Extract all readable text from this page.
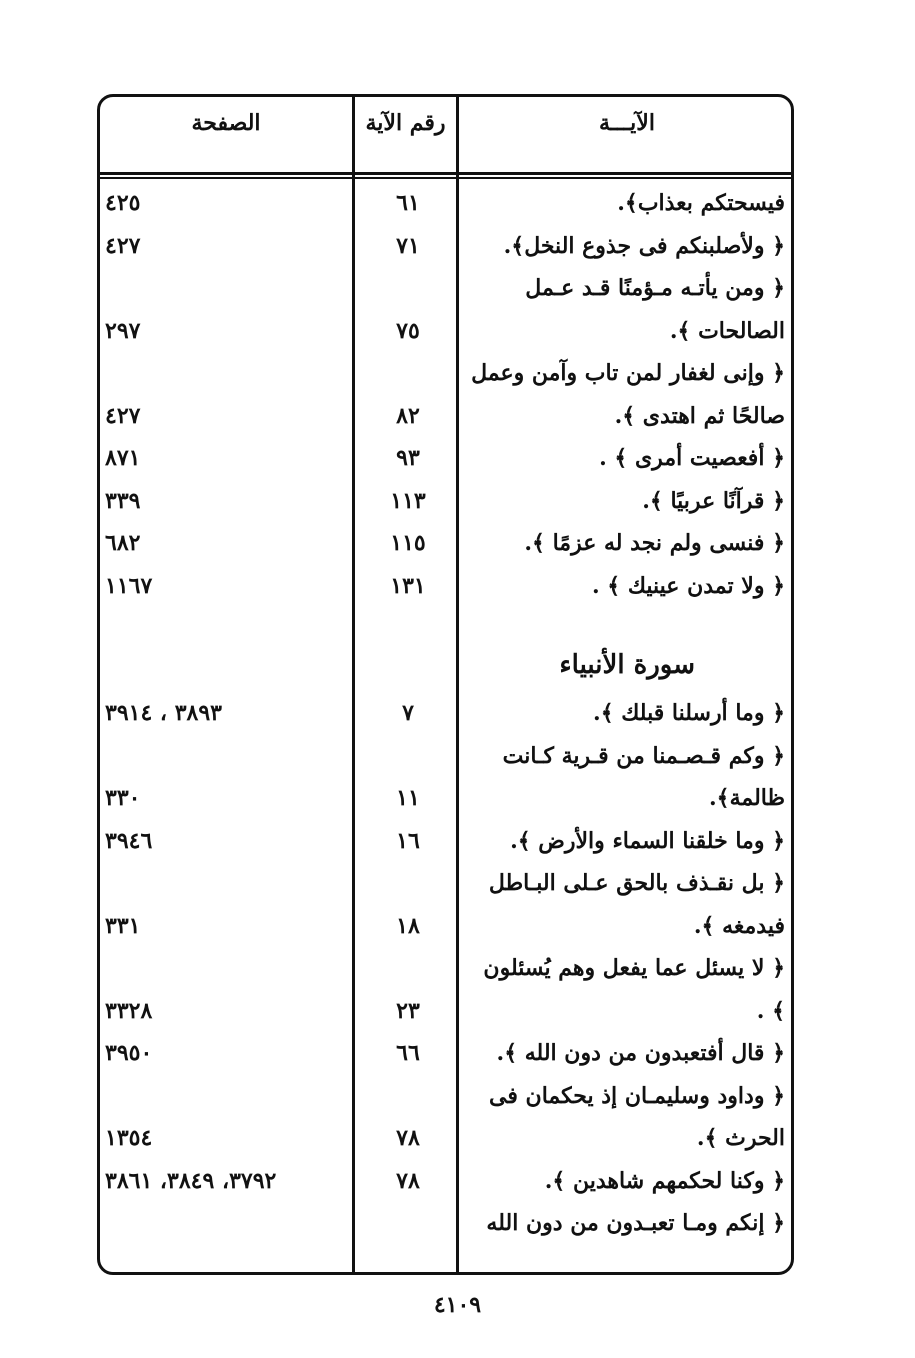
الآيـــة
رقم الآية
الصفحة
فيسحتكم بعذاب﴾.
٦١
٤٢٥
﴿ ولأصلبنكم فى جذوع النخل﴾.
٧١
٤٢٧
﴿ ومن يأتـه مـؤمنًا قـد عـمل
الصالحات ﴾.
٧٥
٢٩٧
﴿ وإنى لغفار لمن تاب وآمن وعمل
صالحًا ثم اهتدى ﴾.
٨٢
٤٢٧
﴿ أفعصيت أمرى ﴾ .
٩٣
٨٧١
﴿ قرآنًا عربيًا ﴾.
١١٣
٣٣٩
﴿ فنسى ولم نجد له عزمًا ﴾.
١١٥
٦٨٢
﴿ ولا تمدن عينيك ﴾ .
١٣١
١١٦٧
سورة الأنبياء
﴿ وما أرسلنا قبلك ﴾.
٧
٣٨٩٣ ، ٣٩١٤
﴿ وكم قـصـمنا من قـرية كـانت
ظالمة﴾.
١١
٣٣٠
﴿ وما خلقنا السماء والأرض ﴾.
١٦
٣٩٤٦
﴿ بل نقـذف بالحق عـلى البـاطل
فيدمغه ﴾.
١٨
٣٣١
﴿ لا يسئل عما يفعل وهم يُسئلون
﴾ .
٢٣
٣٣٢٨
﴿ قال أفتعبدون من دون الله ﴾.
٦٦
٣٩٥٠
﴿ وداود وسليمـان إذ يحكمان فى
الحرث ﴾.
٧٨
١٣٥٤
﴿ وكنا لحكمهم شاهدين ﴾.
٧٨
٣٧٩٢، ٣٨٤٩، ٣٨٦١
﴿ إنكم ومـا تعبـدون من دون الله
٤١٠٩
